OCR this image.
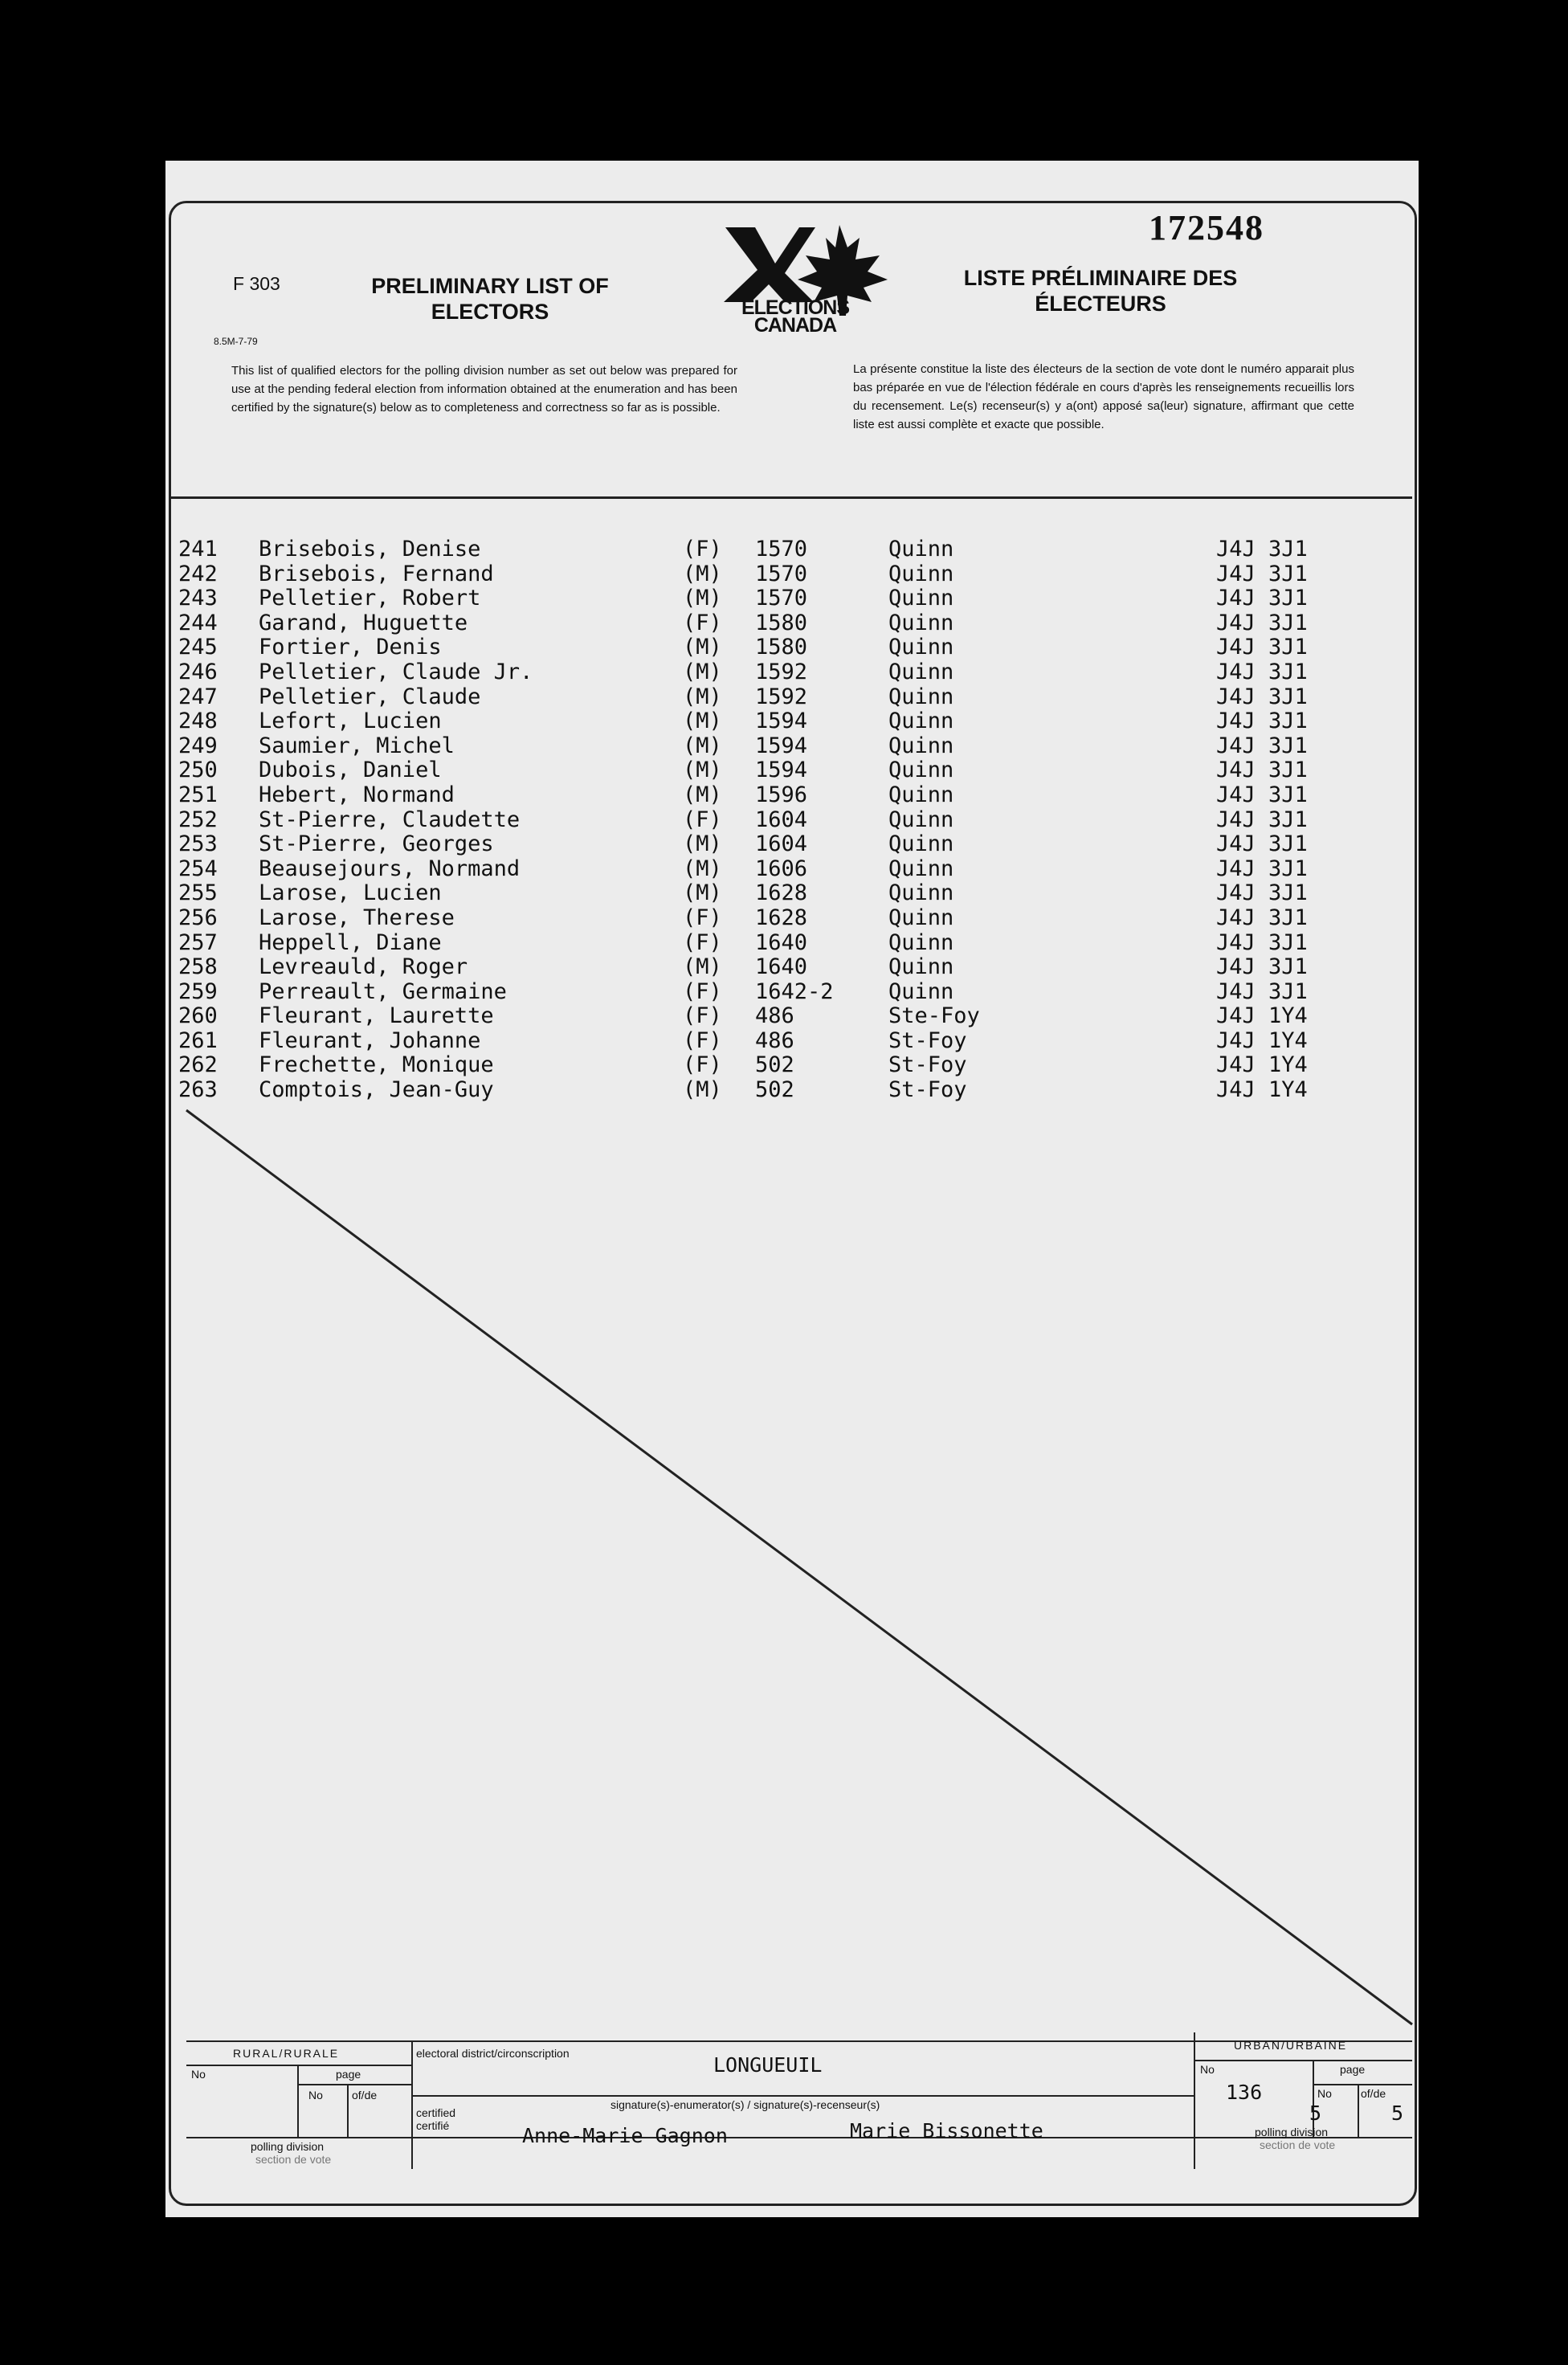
172548
F 303
8.5M-7-79
PRELIMINARY LIST OF
ELECTORS	ELECTIONS
CANADA
LISTE PRÉLIMINAIRE DES
ÉLECTEURS
This list of qualified electors for the polling division number as set out below was prepared for use at the pending federal election from information obtained at the enumeration and has been certified by the signature(s) below as to completeness and correctness so far as is possible.
La présente constitue la liste des électeurs de la section de vote dont le numéro apparait plus bas préparée en vue de l'élection fédérale en cours d'après les renseignements recueillis lors du recensement. Le(s) recenseur(s) y a(ont) apposé sa(leur) signature, affirmant que cette liste est aussi complète et exacte que possible.
241 Brisebois, Denise	(F) 1570	Quinn	J4J 3J1
242 Brisebois, Fernand	(M) 1570	Quinn	J4J 3J1
243 Pelletier, Robert	(M) 1570	Quinn	J4J 3J1
244 Garand, Huguette	(F) 1580	Quinn	J4J 3J1
245 Fortier, Denis	(M) 1580	Quinn	J4J 3J1
246 Pelletier, Claude Jr.	(M) 1592	Quinn	J4J 3J1
247 Pelletier, Claude	(M) 1592	Quinn	J4J 3J1
248 Lefort, Lucien	(M) 1594	Quinn	J4J 3J1
249 Saumier, Michel	(M) 1594	Quinn	J4J 3J1
250 Dubois, Daniel	(M) 1594	Quinn	J4J 3J1
251 Hebert, Normand	(M) 1596	Quinn	J4J 3J1
252 St-Pierre, Claudette	(F) 1604	Quinn	J4J 3J1
253 St-Pierre, Georges	(M) 1604	Quinn	J4J 3J1
254 Beausejours, Normand	(M) 1606	Quinn	J4J 3J1
255 Larose, Lucien	(M) 1628	Quinn	J4J 3J1
256 Larose, Therese	(F) 1628	Quinn	J4J 3J1
257 Heppell, Diane	(F) 1640	Quinn	J4J 3J1
258 Levreauld, Roger	(M) 1640	Quinn	J4J 3J1
259 Perreault, Germaine	(F) 1642-2	Quinn	J4J 3J1
260 Fleurant, Laurette	(F) 486	Ste-Foy	J4J 1Y4
261 Fleurant, Johanne	(F) 486	St-Foy	J4J 1Y4
262 Frechette, Monique	(F) 502	St-Foy	J4J 1Y4
263 Comptois, Jean-Guy	(M) 502	St-Foy	J4J 1Y4
RURAL/RURALE
No	page
No	of/de
polling division
section de vote
electoral district/circonscription	LONGUEUIL
certified
certifié
signature(s)-enumerator(s) / signature(s)-recenseur(s)
Anne-Marie Gagnon	Marie Bissonette
URBAN/URBAINE
No	page
136	No	of/de
5	5
polling division
section de vote
